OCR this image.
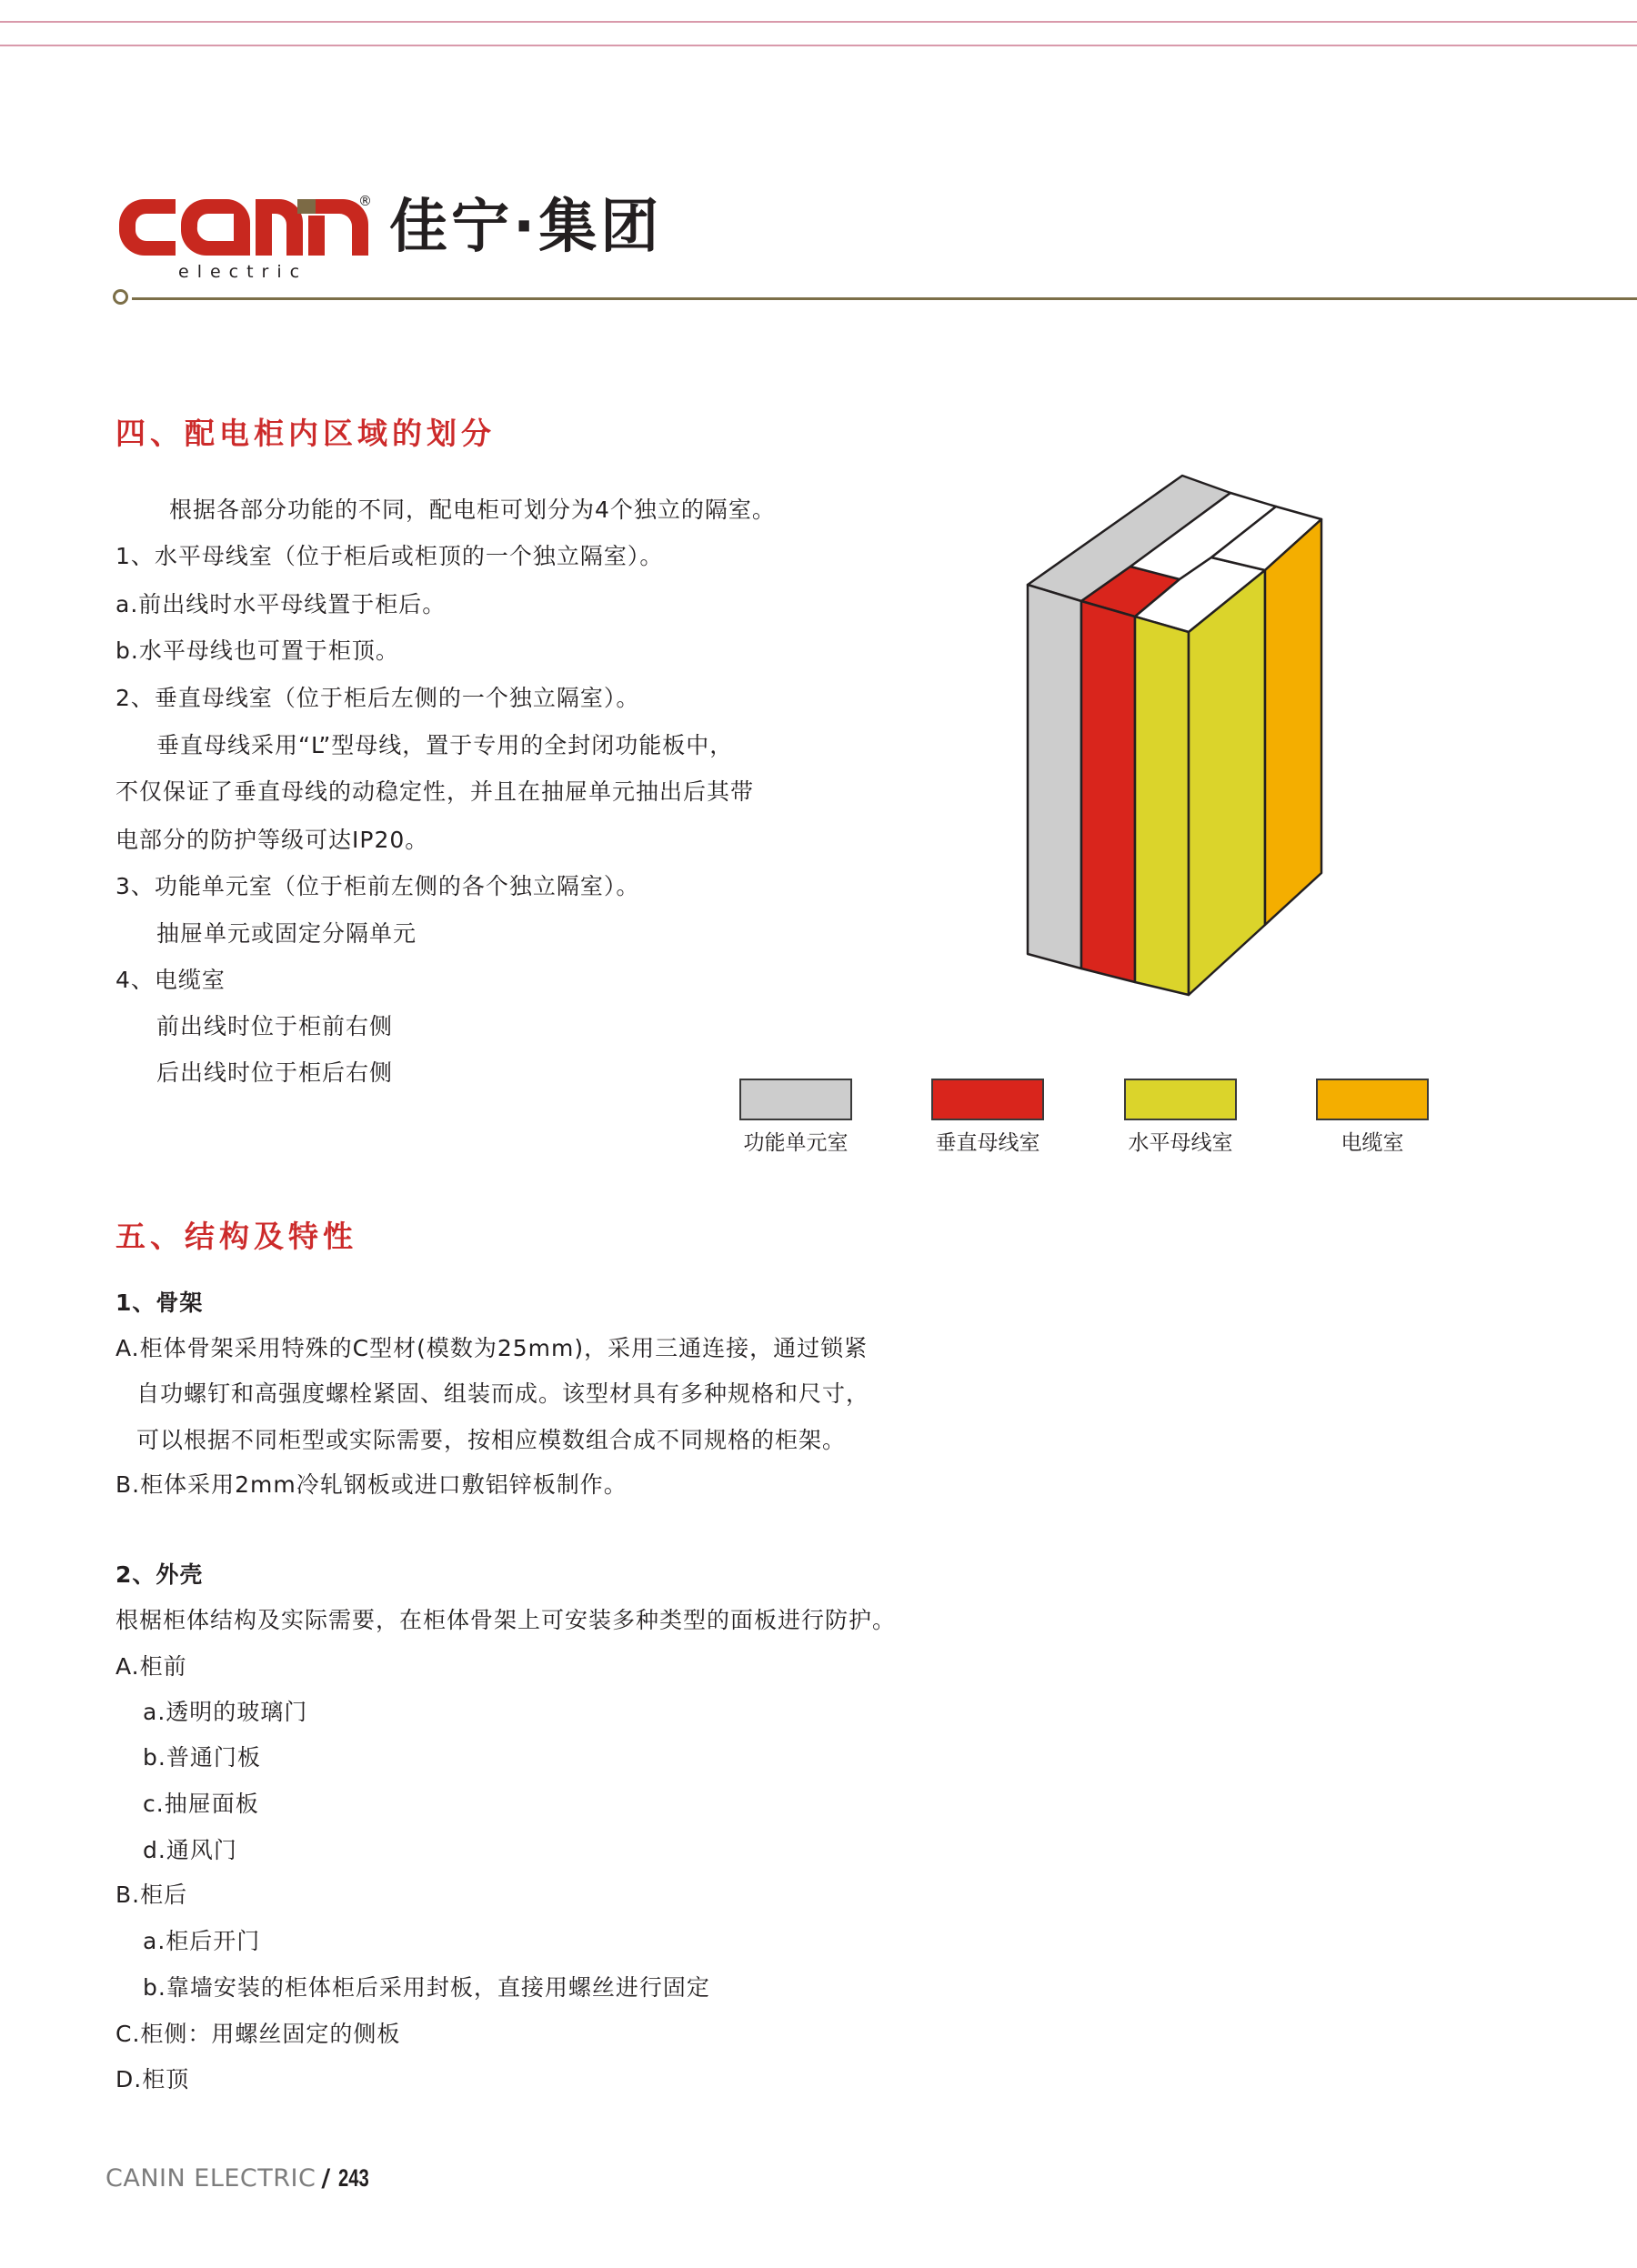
® 佳宁·集团
electric
四、配电柜内区域的划分
根据各部分功能的不同，配电柜可划分为4个独立的隔室。
1、水平母线室（位于柜后或柜顶的一个独立隔室）。
a.前出线时水平母线置于柜后。
b.水平母线也可置于柜顶。
2、垂直母线室（位于柜后左侧的一个独立隔室）。
垂直母线采用“L”型母线，置于专用的全封闭功能板中，
不仅保证了垂直母线的动稳定性，并且在抽屉单元抽出后其带
电部分的防护等级可达IP20。
3、功能单元室（位于柜前左侧的各个独立隔室）。
抽屉单元或固定分隔单元
4、电缆室
前出线时位于柜前右侧
后出线时位于柜后右侧
功能单元室	垂直母线室	水平母线室	电缆室
五、结构及特性
1、骨架
A.柜体骨架采用特殊的C型材(模数为25mm)，采用三通连接，通过锁紧
自功螺钉和高强度螺栓紧固、组装而成。该型材具有多种规格和尺寸，
可以根据不同柜型或实际需要，按相应模数组合成不同规格的柜架。
B.柜体采用2mm冷轧钢板或进口敷铝锌板制作。
2、外壳
根椐柜体结构及实际需要，在柜体骨架上可安装多种类型的面板进行防护。
A.柜前
a.透明的玻璃门
b.普通门板
c.抽屉面板
d.通风门
B.柜后
a.柜后开门
b.靠墙安装的柜体柜后采用封板，直接用螺丝进行固定
C.柜侧：用螺丝固定的侧板
D.柜顶
CANIN ELECTRIC / 243
